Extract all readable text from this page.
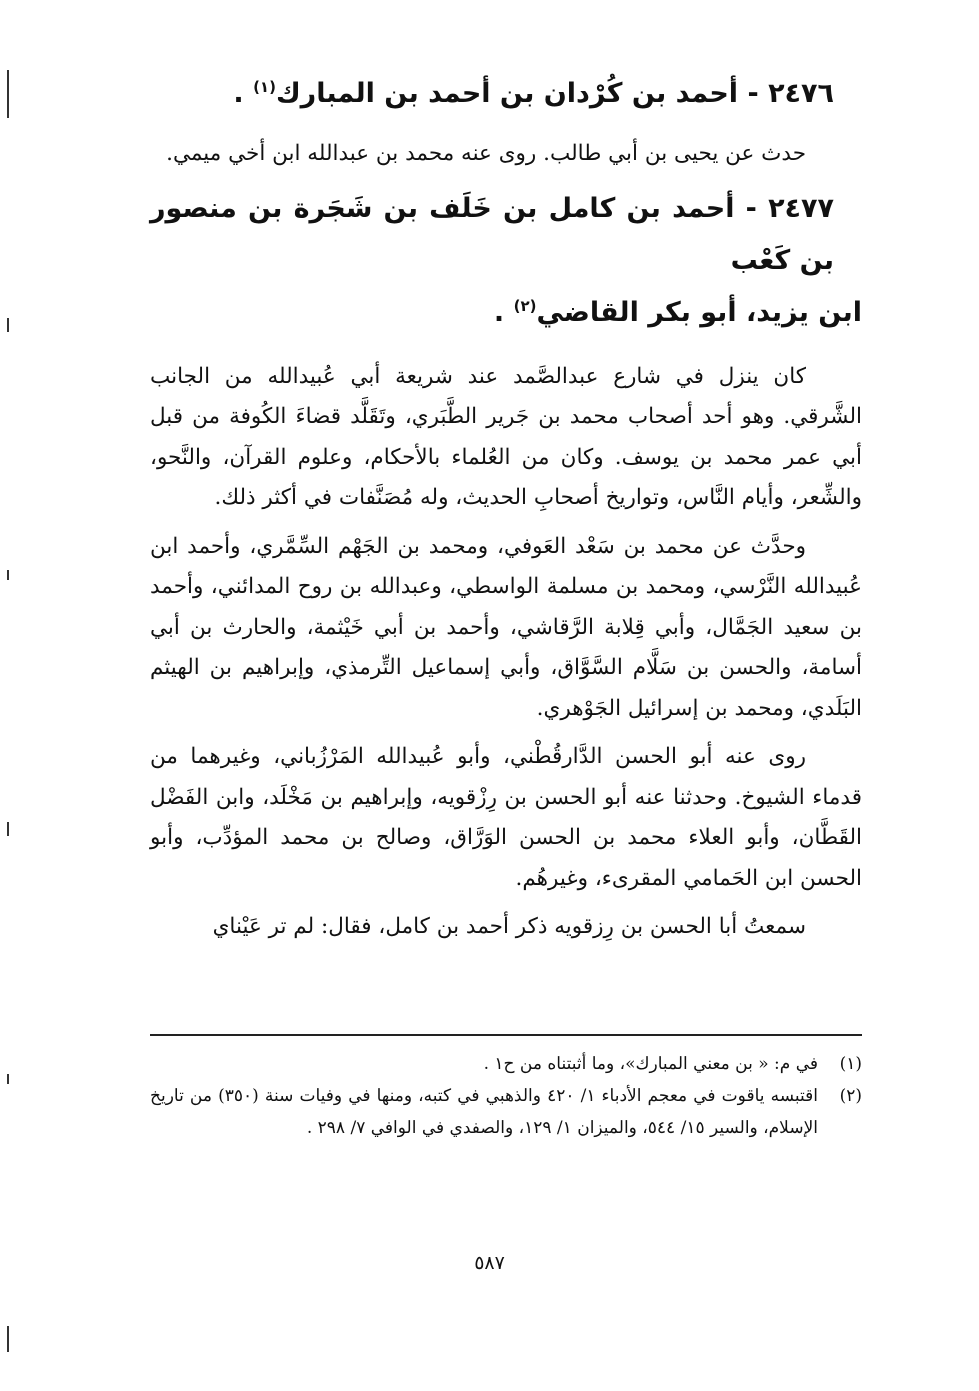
٢٤٧٦ - أحمد بن كُرْدان بن أحمد بن المبارك$^{(١)}$ .

حدث عن يحيى بن أبي طالب. روى عنه محمد بن عبدالله ابن أخي ميمي.

٢٤٧٧ - أحمد بن كامل بن خَلَف بن شَجَرة بن منصور بن كَعْب
ابن يزيد، أبو بكر القاضي$^{(٢)}$ .

كان ينزل في شارع عبدالصَّمد عند شريعة أبي عُبيدالله من الجانب الشَّرقي. وهو أحد أصحاب محمد بن جَرير الطَّبَري، وتَقَلَّد قضاءَ الكُوفة من قبل أبي عمر محمد بن يوسف. وكان من العُلماء بالأحكام، وعلوم القرآن، والنَّحو، والشِّعر، وأيام النَّاس، وتواريخ أصحابِ الحديث، وله مُصَنَّفات في أكثر ذلك.

وحدَّث عن محمد بن سَعْد العَوفي، ومحمد بن الجَهْم السِّمَّري، وأحمد ابن عُبيدالله النَّرْسي، ومحمد بن مسلمة الواسطي، وعبدالله بن روح المدائني، وأحمد بن سعيد الجَمَّال، وأبي قِلابة الرَّقاشي، وأحمد بن أبي خَيْثمة، والحارث بن أبي أسامة، والحسن بن سَلَّام السَّوَّاق، وأبي إسماعيل التِّرمذي، وإبراهيم بن الهيثم البَلَدي، ومحمد بن إسرائيل الجَوْهري.

روى عنه أبو الحسن الدَّارقُطْني، وأبو عُبيدالله المَرْزُباني، وغيرهما من قدماء الشيوخ. وحدثنا عنه أبو الحسن بن رِزْقويه، وإبراهيم بن مَخْلَد، وابن الفَضْل القَطَّان، وأبو العلاء محمد بن الحسن الوَرَّاق، وصالح بن محمد المؤدِّب، وأبو الحسن ابن الحَمامي المقرىء، وغيرهُم.

سمعتُ أبا الحسن بن رِزقويه ذكر أحمد بن كامل، فقال: لم تر عَيْناي

(١)
في م: « بن معني المبارك»، وما أثبتناه من ح١ .

(٢)
اقتبسه ياقوت في معجم الأدباء ١/ ٤٢٠ والذهبي في كتبه، ومنها في وفيات سنة (٣٥٠) من تاريخ الإسلام، والسير ١٥/ ٥٤٤، والميزان ١/ ١٢٩، والصفدي في الوافي ٧/ ٢٩٨ .

٥٨٧
